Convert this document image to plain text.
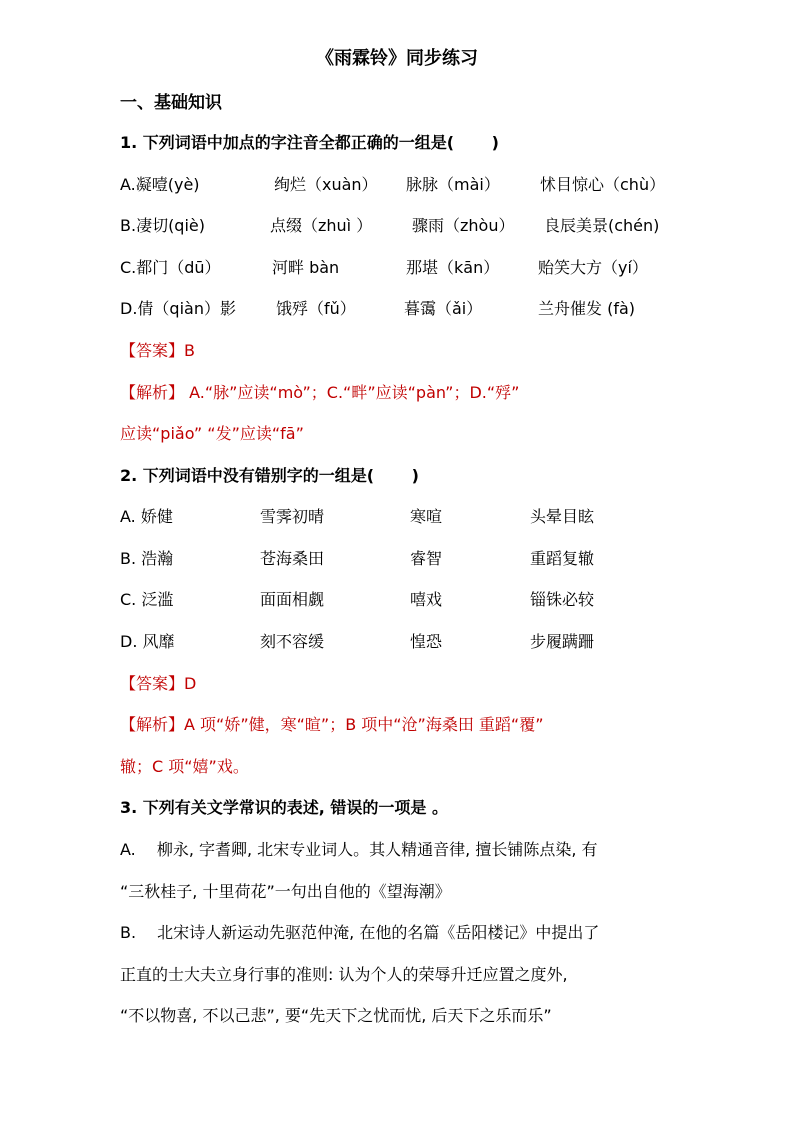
《雨霖铃》同步练习
一、基础知识
1. 下列词语中加点的字注音全都正确的一组是(　　 )
A.凝噎(yè)	绚烂（xuàn） 脉脉（mài）	怵目惊心（chù）
B.凄切(qiè)	点缀（zhuì ） 骤雨（zhòu） 良辰美景(chén)
C.都门（dū）	河畔 bàn	那堪（kān） 贻笑大方（yí）
D.倩（qiàn）影	饿殍（fǔ）	暮霭（ǎi）	兰舟催发 (fà)
【答案】B
【解析】 A.“脉”应读“mò”；C.“畔”应读“pàn”；D.“殍”
应读“piǎo” “发”应读“fā”
2. 下列词语中没有错别字的一组是(　　 )
A. 娇健	雪霁初晴	寒喧	头晕目眩
B. 浩瀚	苍海桑田	睿智	重蹈复辙
C. 泛滥	面面相觑	嘻戏	锱铢必较
D. 风靡	刻不容缓	惶恐	步履蹒跚
【答案】D
【解析】A 项“娇”健，寒“暄”；B 项中“沧”海桑田 重蹈“覆”
辙；C 项“嬉”戏。
3. 下列有关文学常识的表述, 错误的一项是 。
A.　 柳永, 字耆卿, 北宋专业词人。其人精通音律, 擅长铺陈点染, 有
“三秋桂子, 十里荷花”一句出自他的《望海潮》
B.　 北宋诗人新运动先驱范仲淹, 在他的名篇《岳阳楼记》中提出了
正直的士大夫立身行事的准则: 认为个人的荣辱升迁应置之度外,
“不以物喜, 不以己悲”, 要“先天下之忧而忧, 后天下之乐而乐”
